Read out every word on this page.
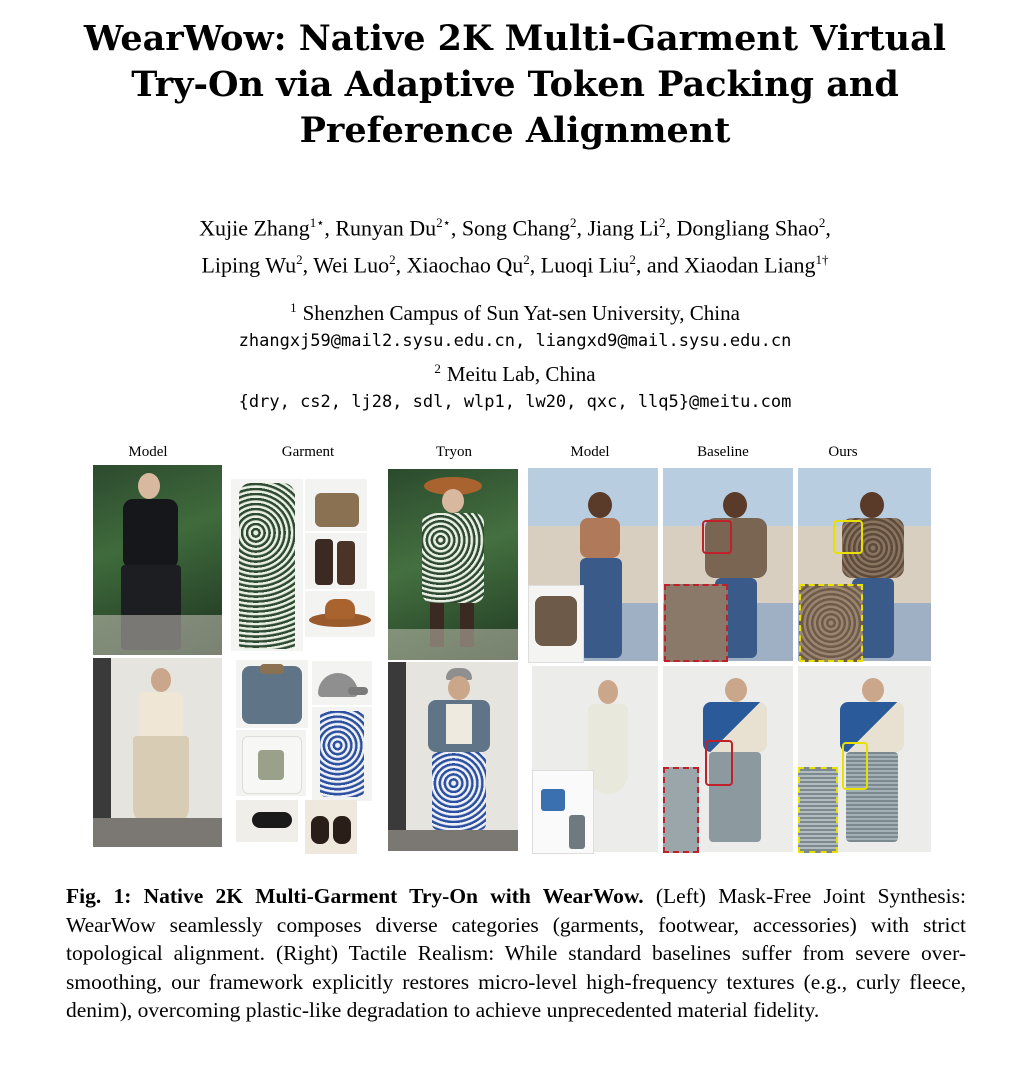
WearWow: Native 2K Multi-Garment Virtual
Try-On via Adaptive Token Packing and
Preference Alignment
Xujie Zhang$^{1⋆}$, Runyan $Du^{2⋆}$, Song Chang$^2$, Jiang Li$^2$, Dongliang Shao$^2$,
Liping Wu$^2$, Wei Luo$^2$, Xiaochao Qu$^2$, Luoqi Liu$^2$, and Xiaodan Liang$^{1\dagger}$
$^1$ Shenzhen Campus of Sun Yat-sen University, China
zhangxj59@mail2.sysu.edu.cn, liangxd9@mail.sysu.edu.cn
$^2$ Meitu Lab, China
{dry, cs2, lj28, sdl, wlp1, lw20, qxc, llq5}@meitu.com
Model	Garment	Tryon	Model	Baseline	Ours
Fig. 1: Native 2K Multi-Garment Try-On with WearWow. (Left) Mask-Free Joint Synthesis: WearWow seamlessly composes diverse categories (garments, footwear, accessories) with strict topological alignment. (Right) Tactile Realism: While standard baselines suffer from severe over-smoothing, our framework explicitly restores micro-level high-frequency textures (e.g., curly fleece, denim), overcoming plastic-like degradation to achieve unprecedented material fidelity.
